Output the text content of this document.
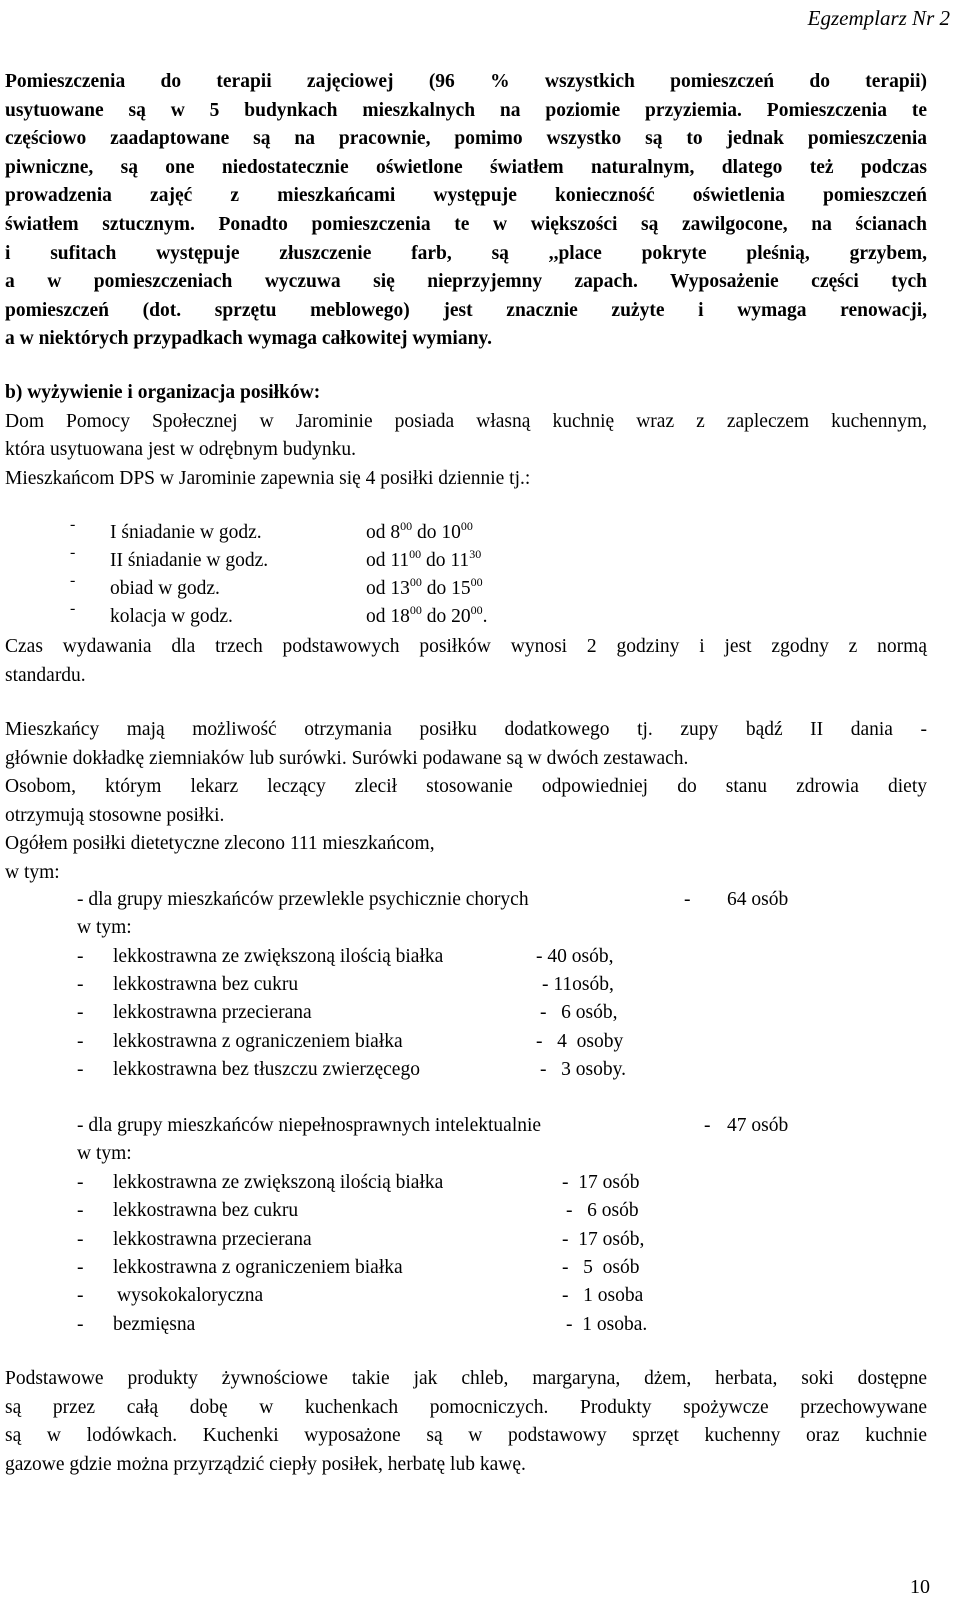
Egzemplarz Nr 2
Pomieszczenia do terapii zajęciowej (96 % wszystkich pomieszczeń do terapii)
usytuowane są w 5 budynkach mieszkalnych na poziomie przyziemia. Pomieszczenia te
częściowo zaadaptowane są na pracownie, pomimo wszystko są to jednak pomieszczenia
piwniczne, są one niedostatecznie oświetlone światłem naturalnym, dlatego też podczas
prowadzenia zajęć z mieszkańcami występuje konieczność oświetlenia pomieszczeń
światłem sztucznym. Ponadto pomieszczenia te w większości są zawilgocone, na ścianach
i sufitach występuje złuszczenie farb, są ,,place pokryte pleśnią, grzybem,
a w pomieszczeniach wyczuwa się nieprzyjemny zapach. Wyposażenie części tych
pomieszczeń (dot. sprzętu meblowego) jest znacznie zużyte i wymaga renowacji,
a w niektórych przypadkach wymaga całkowitej wymiany.
b) wyżywienie i organizacja posiłków:
Dom Pomocy Społecznej w Jarominie posiada własną kuchnię wraz z zapleczem kuchennym,
która usytuowana jest w odrębnym budynku.
Mieszkańcom DPS w Jarominie zapewnia się 4 posiłki dziennie tj.:
- I śniadanie w godz.	od $8^{00}$ do $10^{00}$
- II śniadanie w godz.	od $11^{00}$ do $11^{30}$
- obiad w godz.	od $13^{00}$ do $15^{00}$
- kolacja w godz.	od $18^{00}$ do $20^{00}$.
Czas wydawania dla trzech podstawowych posiłków wynosi 2 godziny i jest zgodny z normą
standardu.
Mieszkańcy mają możliwość otrzymania posiłku dodatkowego tj. zupy bądź II dania -
głównie dokładkę ziemniaków lub surówki. Surówki podawane są w dwóch zestawach.
Osobom, którym lekarz leczący zlecił stosowanie odpowiedniej do stanu zdrowia diety
otrzymują stosowne posiłki.
Ogółem posiłki dietetyczne zlecono 111 mieszkańcom,
w tym:
- dla grupy mieszkańców przewlekle psychicznie chorych	- 64 osób
w tym:
- lekkostrawna ze zwiększoną ilością białka	- 40 osób,
- lekkostrawna bez cukru	- 11osób,
- lekkostrawna przecierana	-   6 osób,
- lekkostrawna z ograniczeniem białka	-   4  osoby
- lekkostrawna bez tłuszczu zwierzęcego	-   3 osoby.
- dla grupy mieszkańców niepełnosprawnych intelektualnie	- 47 osób
w tym:
- lekkostrawna ze zwiększoną ilością białka	-  17 osób
- lekkostrawna bez cukru	-   6 osób
- lekkostrawna przecierana	-  17 osób,
- lekkostrawna z ograniczeniem białka	-   5  osób
- wysokokaloryczna	-   1 osoba
- bezmięsna	-  1 osoba.
Podstawowe produkty żywnościowe takie jak chleb, margaryna, dżem, herbata, soki dostępne
są przez całą dobę w kuchenkach pomocniczych. Produkty spożywcze przechowywane
są w lodówkach. Kuchenki wyposażone są w podstawowy sprzęt kuchenny oraz kuchnie
gazowe gdzie można przyrządzić ciepły posiłek, herbatę lub kawę.
10
